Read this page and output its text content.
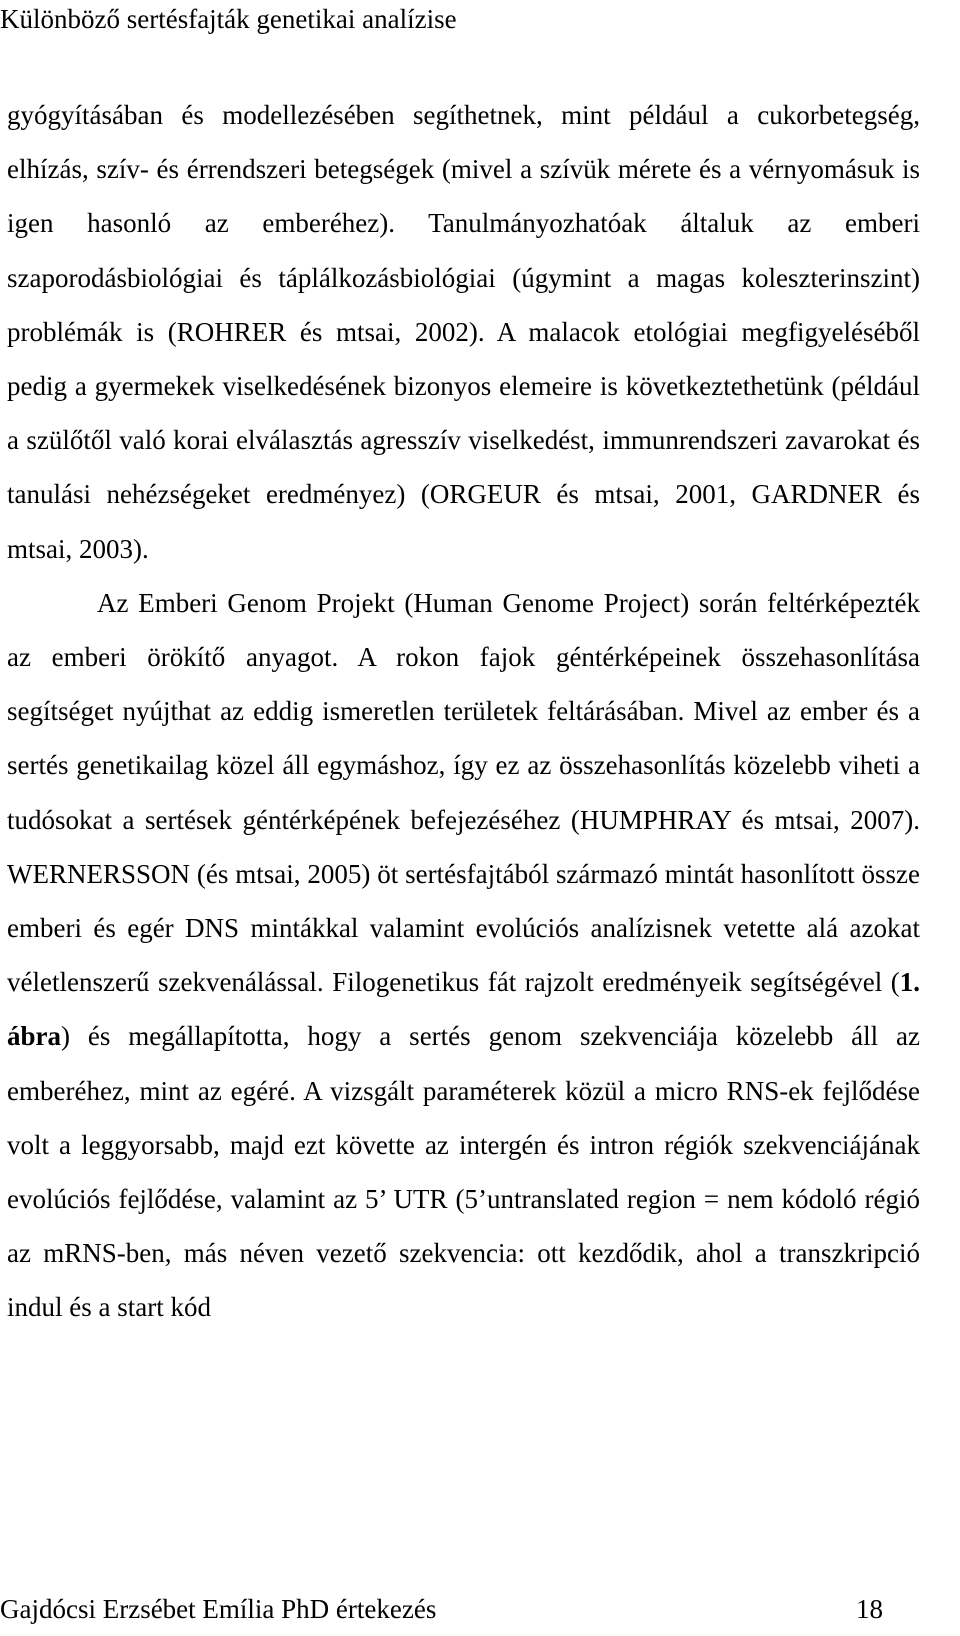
Különböző sertésfajták genetikai analízise

gyógyításában és modellezésében segíthetnek, mint például a cukorbetegség, elhízás, szív- és érrendszeri betegségek (mivel a szívük mérete és a vérnyomásuk is igen hasonló az emberéhez). Tanulmányozhatóak általuk az emberi szaporodásbiológiai és táplálkozásbiológiai (úgymint a magas koleszterinszint) problémák is (ROHRER és mtsai, 2002). A malacok etológiai megfigyeléséből pedig a gyermekek viselkedésének bizonyos elemeire is következtethetünk (például a szülőtől való korai elválasztás agresszív viselkedést, immunrendszeri zavarokat és tanulási nehézségeket eredményez) (ORGEUR és mtsai, 2001, GARDNER és mtsai, 2003).

Az Emberi Genom Projekt (Human Genome Project) során feltérképezték az emberi örökítő anyagot. A rokon fajok géntérképeinek összehasonlítása segítséget nyújthat az eddig ismeretlen területek feltárásában. Mivel az ember és a sertés genetikailag közel áll egymáshoz, így ez az összehasonlítás közelebb viheti a tudósokat a sertések géntérképének befejezéséhez (HUMPHRAY és mtsai, 2007). WERNERSSON (és mtsai, 2005) öt sertésfajtából származó mintát hasonlított össze emberi és egér DNS mintákkal valamint evolúciós analízisnek vetette alá azokat véletlenszerű szekvenálással. Filogenetikus fát rajzolt eredményeik segítségével (1. ábra) és megállapította, hogy a sertés genom szekvenciája közelebb áll az emberéhez, mint az egéré. A vizsgált paraméterek közül a micro RNS-ek fejlődése volt a leggyorsabb, majd ezt követte az intergén és intron régiók szekvenciájának evolúciós fejlődése, valamint az 5’ UTR (5’untranslated region = nem kódoló régió az mRNS-ben, más néven vezető szekvencia: ott kezdődik, ahol a transzkripció indul és a start kód

Gajdócsi Erzsébet Emília PhD értekezés	18
